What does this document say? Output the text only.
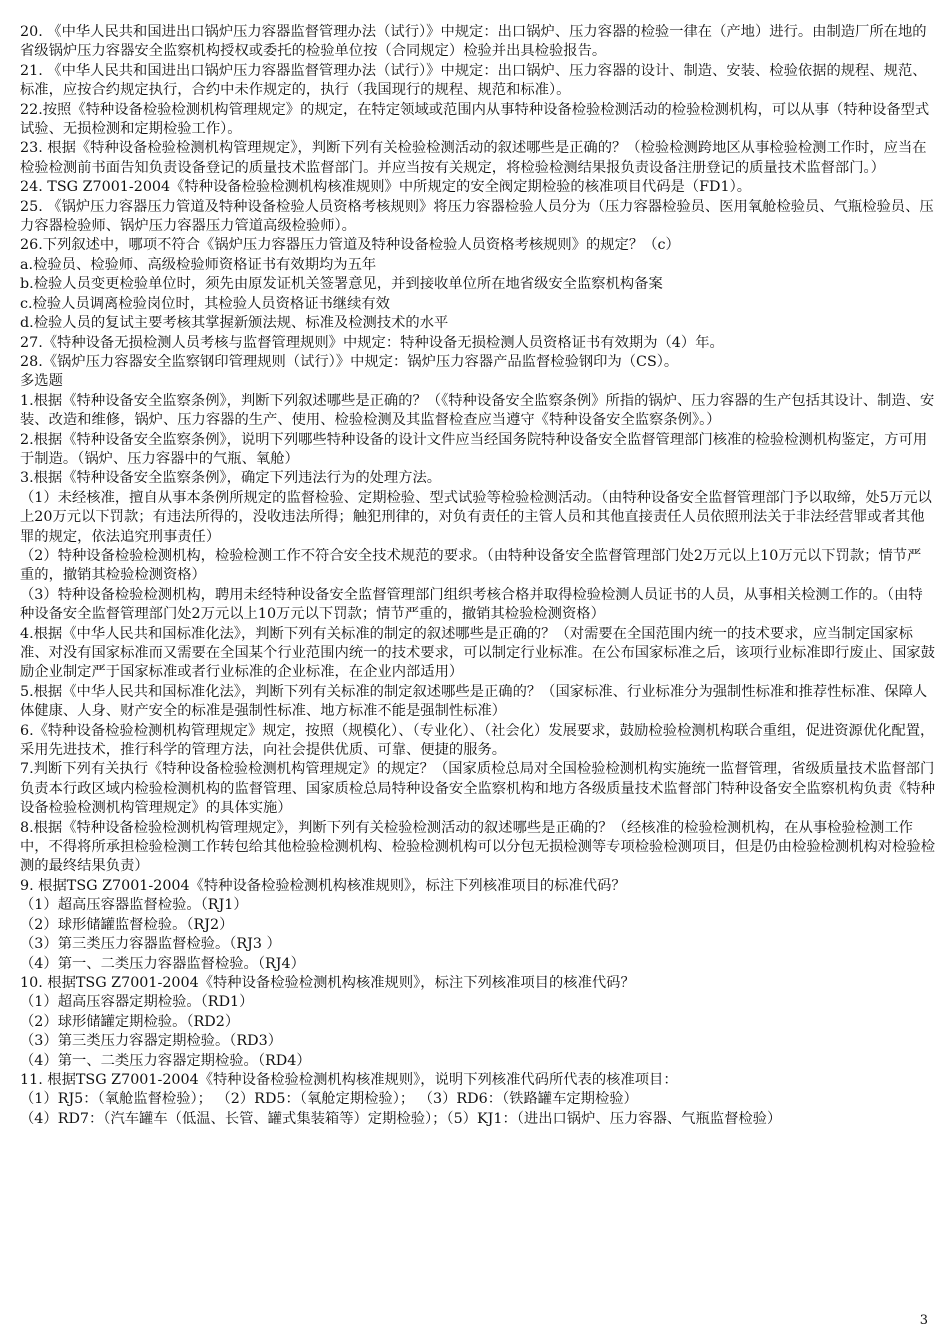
20. 《中华人民共和国进出口锅炉压力容器监督管理办法（试行）》中规定：出口锅炉、压力容器的检验一律在（产地）进行。由制造厂所在地的省级锅炉压力容器安全监察机构授权或委托的检验单位按（合同规定）检验并出具检验报告。

21. 《中华人民共和国进出口锅炉压力容器监督管理办法（试行）》中规定：出口锅炉、压力容器的设计、制造、安装、检验依据的规程、规范、标准，应按合约规定执行，合约中未作规定的，执行（我国现行的规程、规范和标准）。

22.按照《特种设备检验检测机构管理规定》的规定，在特定领域或范围内从事特种设备检验检测活动的检验检测机构，可以从事（特种设备型式试验、无损检测和定期检验工作）。

23. 根据《特种设备检验检测机构管理规定》，判断下列有关检验检测活动的叙述哪些是正确的？（检验检测跨地区从事检验检测工作时，应当在检验检测前书面告知负责设备登记的质量技术监督部门。并应当按有关规定，将检验检测结果报负责设备注册登记的质量技术监督部门。）

24. TSG Z7001-2004《特种设备检验检测机构核准规则》中所规定的安全阀定期检验的核准项目代码是（FD1）。

25. 《锅炉压力容器压力管道及特种设备检验人员资格考核规则》将压力容器检验人员分为（压力容器检验员、医用氧舱检验员、气瓶检验员、压力容器检验师、锅炉压力容器压力管道高级检验师）。

26.下列叙述中，哪项不符合《锅炉压力容器压力管道及特种设备检验人员资格考核规则》的规定？（c）

a.检验员、检验师、高级检验师资格证书有效期均为五年

b.检验人员变更检验单位时，须先由原发证机关签署意见，并到接收单位所在地省级安全监察机构备案

c.检验人员调离检验岗位时，其检验人员资格证书继续有效

d.检验人员的复试主要考核其掌握新颁法规、标准及检测技术的水平

27.《特种设备无损检测人员考核与监督管理规则》中规定：特种设备无损检测人员资格证书有效期为（4）年。

28.《锅炉压力容器安全监察钢印管理规则（试行）》中规定：锅炉压力容器产品监督检验钢印为（CS）。

多选题

1.根据《特种设备安全监察条例》，判断下列叙述哪些是正确的？（《特种设备安全监察条例》所指的锅炉、压力容器的生产包括其设计、制造、安装、改造和维修，锅炉、压力容器的生产、使用、检验检测及其监督检查应当遵守《特种设备安全监察条例》。）

2.根据《特种设备安全监察条例》，说明下列哪些特种设备的设计文件应当经国务院特种设备安全监督管理部门核准的检验检测机构鉴定，方可用于制造。（锅炉、压力容器中的气瓶、氧舱）

3.根据《特种设备安全监察条例》，确定下列违法行为的处理方法。

（1）未经核准，擅自从事本条例所规定的监督检验、定期检验、型式试验等检验检测活动。（由特种设备安全监督管理部门予以取缔，处5万元以上20万元以下罚款；有违法所得的，没收违法所得；触犯刑律的，对负有责任的主管人员和其他直接责任人员依照刑法关于非法经营罪或者其他罪的规定，依法追究刑事责任）

（2）特种设备检验检测机构，检验检测工作不符合安全技术规范的要求。（由特种设备安全监督管理部门处2万元以上10万元以下罚款；情节严重的，撤销其检验检测资格）

（3）特种设备检验检测机构，聘用未经特种设备安全监督管理部门组织考核合格并取得检验检测人员证书的人员，从事相关检测工作的。（由特种设备安全监督管理部门处2万元以上10万元以下罚款；情节严重的，撤销其检验检测资格）

4.根据《中华人民共和国标准化法》，判断下列有关标准的制定的叙述哪些是正确的？（对需要在全国范围内统一的技术要求，应当制定国家标准、对没有国家标准而又需要在全国某个行业范围内统一的技术要求，可以制定行业标准。在公布国家标准之后，该项行业标准即行废止、国家鼓励企业制定严于国家标准或者行业标准的企业标准，在企业内部适用）

5.根据《中华人民共和国标准化法》，判断下列有关标准的制定叙述哪些是正确的？（国家标准、行业标准分为强制性标准和推荐性标准、保障人体健康、人身、财产安全的标准是强制性标准、地方标准不能是强制性标准）

6.《特种设备检验检测机构管理规定》规定，按照（规模化）、（专业化）、（社会化）发展要求，鼓励检验检测机构联合重组，促进资源优化配置，采用先进技术，推行科学的管理方法，向社会提供优质、可靠、便捷的服务。

7.判断下列有关执行《特种设备检验检测机构管理规定》的规定？（国家质检总局对全国检验检测机构实施统一监督管理，省级质量技术监督部门负责本行政区域内检验检测机构的监督管理、国家质检总局特种设备安全监察机构和地方各级质量技术监督部门特种设备安全监察机构负责《特种设备检验检测机构管理规定》的具体实施）

8.根据《特种设备检验检测机构管理规定》，判断下列有关检验检测活动的叙述哪些是正确的？（经核准的检验检测机构，在从事检验检测工作中，不得将所承担检验检测工作转包给其他检验检测机构、检验检测机构可以分包无损检测等专项检验检测项目，但是仍由检验检测机构对检验检测的最终结果负责）

9. 根据TSG Z7001-2004《特种设备检验检测机构核准规则》，标注下列核准项目的标准代码？

（1）超高压容器监督检验。（RJ1）

（2）球形储罐监督检验。（RJ2）

（3）第三类压力容器监督检验。（RJ3 ）

（4）第一、二类压力容器监督检验。（RJ4）

10. 根据TSG Z7001-2004《特种设备检验检测机构核准规则》，标注下列核准项目的核准代码？

（1）超高压容器定期检验。（RD1）

（2）球形储罐定期检验。（RD2）

（3）第三类压力容器定期检验。（RD3）

（4）第一、二类压力容器定期检验。（RD4）

11. 根据TSG Z7001-2004《特种设备检验检测机构核准规则》，说明下列核准代码所代表的核准项目：

（1）RJ5：（氧舱监督检验）； （2）RD5：（氧舱定期检验）； （3）RD6：（铁路罐车定期检验）

（4）RD7：（汽车罐车（低温、长管、罐式集装箱等）定期检验）；（5）KJ1：（进出口锅炉、压力容器、气瓶监督检验）

3
